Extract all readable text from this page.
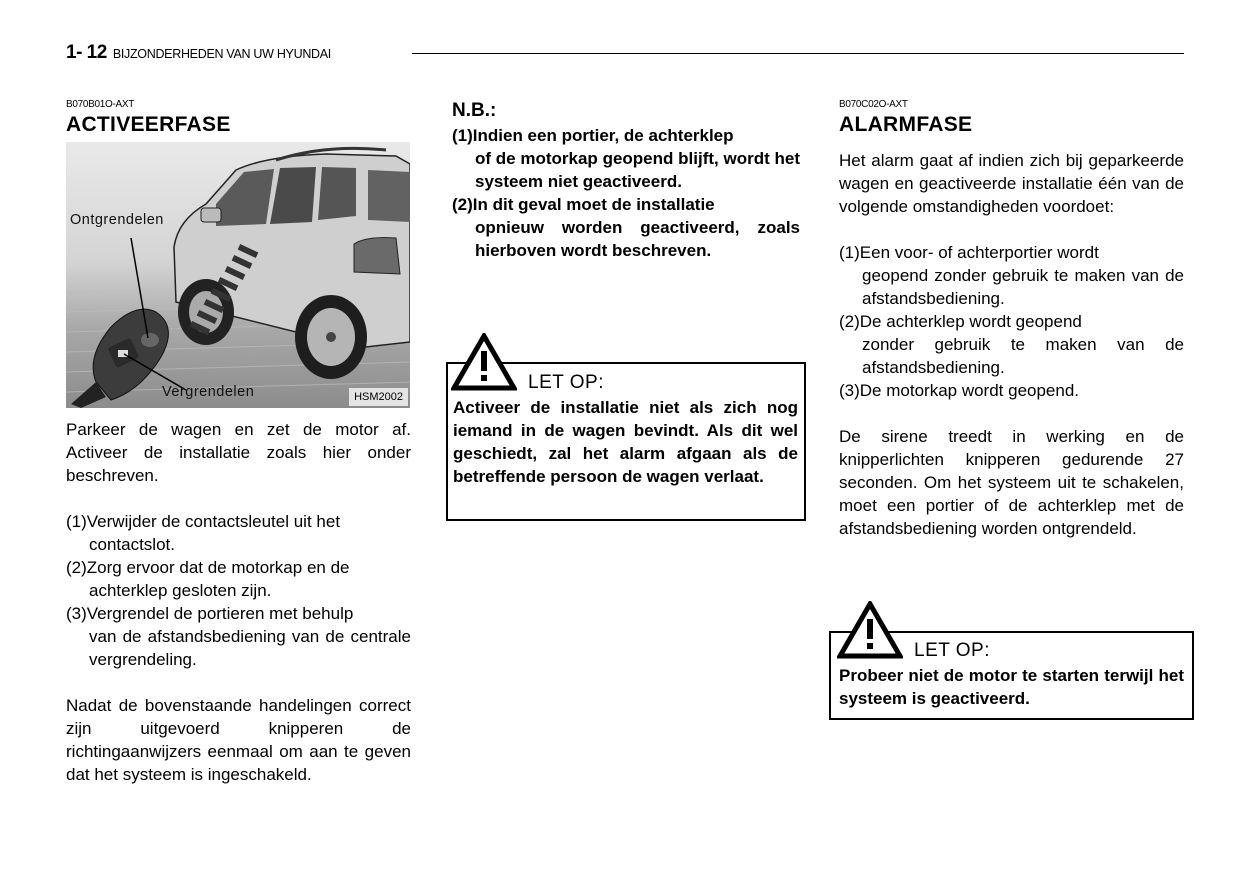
1- 12 BIJZONDERHEDEN VAN UW HYUNDAI
B070B01O-AXT
ACTIVEERFASE
Ontgrendelen
Vergrendelen	HSM2002

Parkeer de wagen en zet de motor af. Activeer de installatie zoals hier onder beschreven.

(1) Verwijder de contactsleutel uit het
contactslot.
(2) Zorg ervoor dat de motorkap en de
achterklep gesloten zijn.
(3) Vergrendel de portieren met behulp
van de afstandsbediening van de centrale vergrendeling.

Nadat de bovenstaande handelingen correct zijn uitgevoerd knipperen de richtingaanwijzers eenmaal om aan te geven dat het systeem is ingeschakeld.

N.B.:

(1) Indien een portier, de achterklep
of de motorkap geopend blijft, wordt het systeem niet geactiveerd.
(2) In dit geval moet de installatie
opnieuw worden geactiveerd, zoals hierboven wordt beschreven.
LET OP:
Activeer de installatie niet als zich nog iemand in de wagen bevindt. Als dit wel geschiedt, zal het alarm afgaan als de betreffende persoon de wagen verlaat.
B070C02O-AXT
ALARMFASE

Het alarm gaat af indien zich bij geparkeerde wagen en geactiveerde installatie één van de volgende omstandigheden voordoet:

(1) Een voor- of achterportier wordt
geopend zonder gebruik te maken van de afstandsbediening.
(2) De achterklep wordt geopend
zonder gebruik te maken van de afstandsbediening.
(3) De motorkap wordt geopend.

De sirene treedt in werking en de knipperlichten knipperen gedurende 27 seconden. Om het systeem uit te schakelen, moet een portier of de achterklep met de afstandsbediening worden ontgrendeld.

LET OP:
Probeer niet de motor te starten terwijl het systeem is geactiveerd.
